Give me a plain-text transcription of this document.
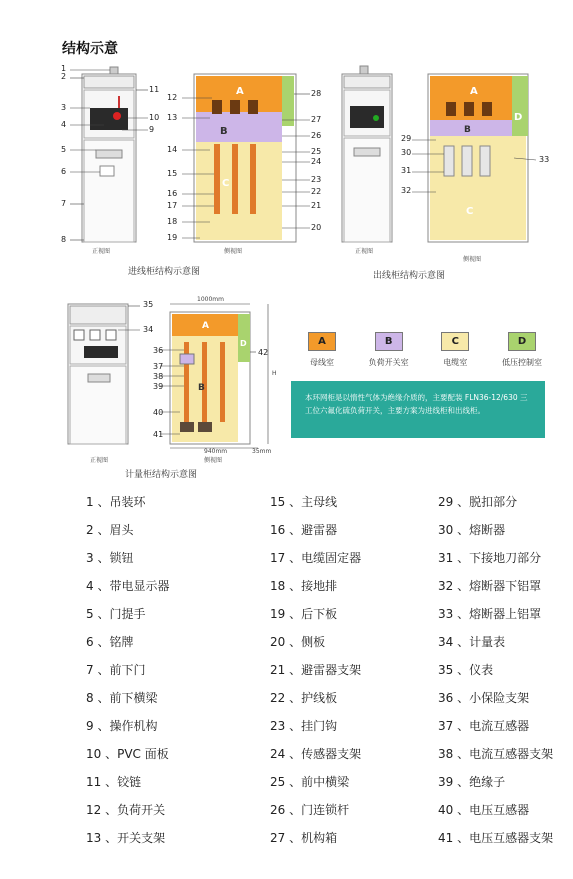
结构示意
A
B
C
1
2
3
4
5
6
7
8
11
10
9
12
13
14
15
16
17
18
19
28
27
26
25
24
23
22
21
20
正视图	侧视图
进线柜结构示意图
A
B
C
D
29
30
31
32
33
正视图
侧视图
出线柜结构示意图
A
B
D
35
34
36
37
38
39
40
41
42
1000mm
940mm	35mm
H
正视图	侧视图
计量柜结构示意图
A
母线室
B
负荷开关室
C
电缆室
D
低压控制室
本环网柜是以惰性气体为绝缘介质的，主要配装 FLN36-12/630 三工位六氟化硫负荷开关，主要方案为进线柜和出线柜。
1 、吊装环	15 、主母线	29 、脱扣部分
2 、眉头	16 、避雷器	30 、熔断器
3 、锁钮	17 、电缆固定器	31 、下接地刀部分
4 、带电显示器	18 、接地排	32 、熔断器下铝罩
5 、门提手	19 、后下板	33 、熔断器上铝罩
6 、铭牌	20 、侧板	34 、计量表
7 、前下门	21 、避雷器支架	35 、仪表
8 、前下横梁	22 、护线板	36 、小保险支架
9 、操作机构	23 、挂门钩	37 、电流互感器
10 、PVC 面板	24 、传感器支架	38 、电流互感器支架
11 、铰链	25 、前中横梁	39 、绝缘子
12 、负荷开关	26 、门连锁杆	40 、电压互感器
13 、开关支架	27 、机构箱	41 、电压互感器支架
